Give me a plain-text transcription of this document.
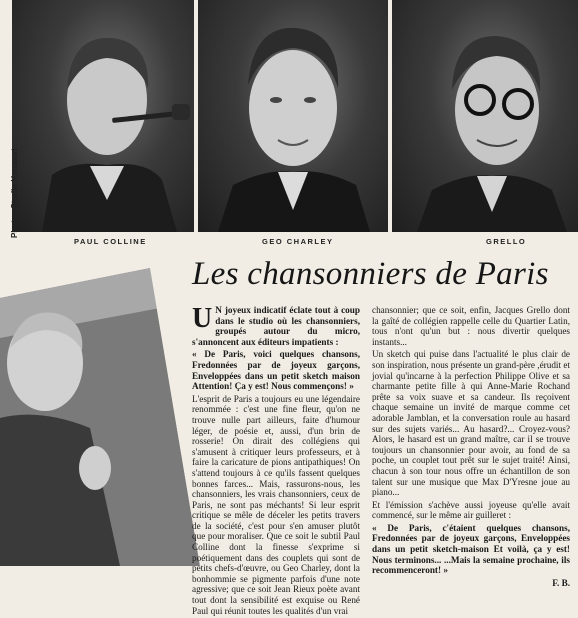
Photos Studio Harcourt
PAUL COLLINE	GEO CHARLEY	GRELLO
Les chansonniers de Paris

U N joyeux indicatif éclate tout à coup dans le studio où les chansonniers, groupés autour du micro, s'annoncent aux éditeurs impatients :

« De Paris, voici quelques chansons, Fredonnées par de joyeux garçons, Enveloppées dans un petit sketch maison Attention! Ça y est! Nous commençons! »

L'esprit de Paris a toujours eu une légendaire renommée : c'est une fine fleur, qu'on ne trouve nulle part ailleurs, faite d'humour léger, de poésie et, aussi, d'un brin de rosserie! On dirait des collégiens qui s'amusent à critiquer leurs professeurs, et à faire la caricature de pions antipathiques! On s'attend toujours à ce qu'ils fassent quelques bonnes farces... Mais, rassurons-nous, les chansonniers, les vrais chansonniers, ceux de Paris, ne sont pas méchants! Si leur esprit critique se mêle de déceler les petits travers de la société, c'est pour s'en amuser plutôt que pour moraliser. Que ce soit le subtil Paul Colline dont la finesse s'exprime si poétiquement dans des couplets qui sont de petits chefs-d'œuvre, ou Geo Charley, dont la bonhommie se pigmente parfois d'une note agressive; que ce soit Jean Rieux poète avant tout dont la sensibilité est exquise ou René Paul qui réunit toutes les qualités d'un vrai

chansonnier; que ce soit, enfin, Jacques Grello dont la gaîté de collégien rappelle celle du Quartier Latin, tous n'ont qu'un but : nous divertir quelques instants...

Un sketch qui puise dans l'actualité le plus clair de son inspiration, nous présente un grand-père ,érudit et jovial qu'incarne à la perfection Philippe Olive et sa charmante petite fille à qui Anne-Marie Rochand prête sa voix suave et sa candeur. Ils reçoivent chaque semaine un invité de marque comme cet adorable Jamblan, et la conversation roule au hasard sur des sujets variés... Au hasard?... Croyez-vous? Alors, le hasard est un grand maître, car il se trouve toujours un chansonnier pour avoir, au fond de sa poche, un couplet tout prêt sur le sujet traité! Ainsi, chacun à son tour nous offre un échantillon de son talent sur une musique que Max D'Yresne joue au piano...

Et l'émission s'achève aussi joyeuse qu'elle avait commencé, sur le même air guilleret :

« De Paris, c'étaient quelques chansons, Fredonnées par de joyeux garçons, Enveloppées dans un petit sketch-maison Et voilà, ça y est! Nous terminons... ...Mais la semaine prochaine, ils recommenceront! »

F. B.
